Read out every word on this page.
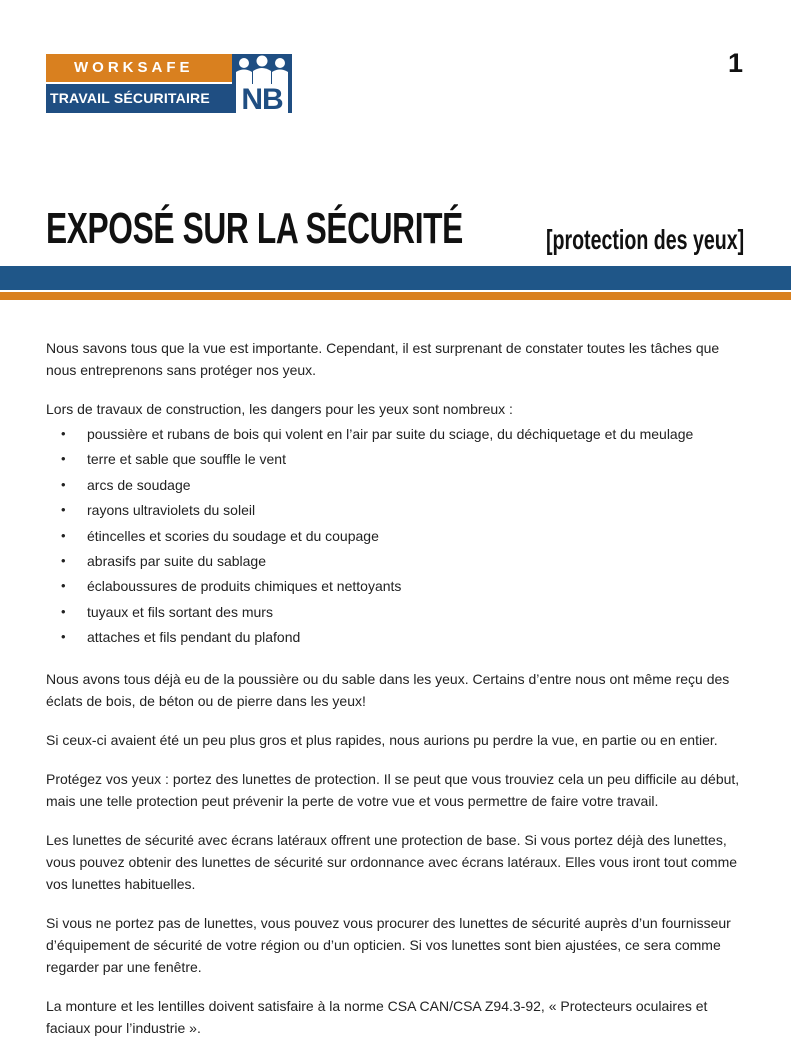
WORKSAFE
TRAVAIL SÉCURITAIRE	NB
1
EXPOSÉ SUR LA SÉCURITÉ	[protection des yeux]

Nous savons tous que la vue est importante. Cependant, il est surprenant de constater toutes les tâches que nous entreprenons sans protéger nos yeux.

Lors de travaux de construction, les dangers pour les yeux sont nombreux :

• poussière et rubans de bois qui volent en l’air par suite du sciage, du déchiquetage et du meulage
• terre et sable que souffle le vent
• arcs de soudage
• rayons ultraviolets du soleil
• étincelles et scories du soudage et du coupage
• abrasifs par suite du sablage
• éclaboussures de produits chimiques et nettoyants
• tuyaux et fils sortant des murs
• attaches et fils pendant du plafond

Nous avons tous déjà eu de la poussière ou du sable dans les yeux. Certains d’entre nous ont même reçu des éclats de bois, de béton ou de pierre dans les yeux!

Si ceux-ci avaient été un peu plus gros et plus rapides, nous aurions pu perdre la vue, en partie ou en entier.

Protégez vos yeux : portez des lunettes de protection. Il se peut que vous trouviez cela un peu difficile au début, mais une telle protection peut prévenir la perte de votre vue et vous permettre de faire votre travail.

Les lunettes de sécurité avec écrans latéraux offrent une protection de base. Si vous portez déjà des lunettes, vous pouvez obtenir des lunettes de sécurité sur ordonnance avec écrans latéraux. Elles vous iront tout comme vos lunettes habituelles.

Si vous ne portez pas de lunettes, vous pouvez vous procurer des lunettes de sécurité auprès d’un fournisseur d’équipement de sécurité de votre région ou d’un opticien. Si vos lunettes sont bien ajustées, ce sera comme regarder par une fenêtre.

La monture et les lentilles doivent satisfaire à la norme CSA CAN/CSA Z94.3-92, « Protecteurs oculaires et faciaux pour l’industrie ».
